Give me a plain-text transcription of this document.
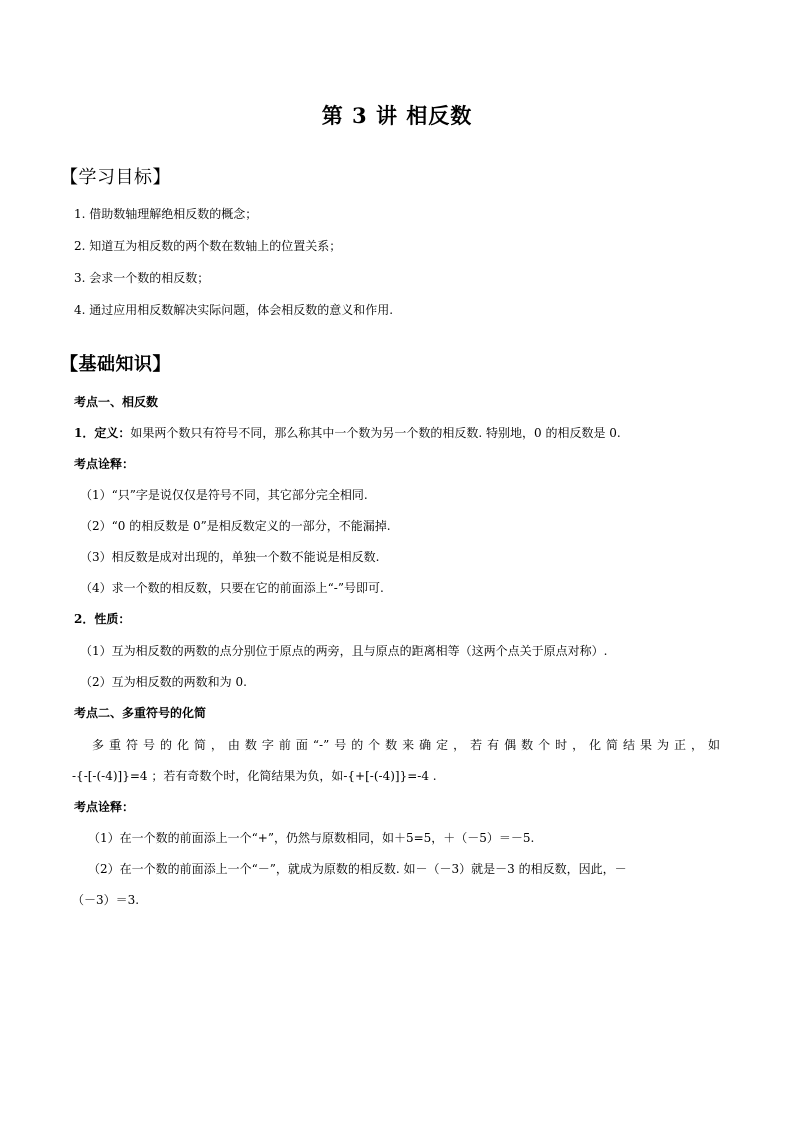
第 3 讲 相反数
【学习目标】
1. 借助数轴理解绝相反数的概念；
2. 知道互为相反数的两个数在数轴上的位置关系；
3. 会求一个数的相反数；
4. 通过应用相反数解决实际问题，体会相反数的意义和作用.
【基础知识】
考点一、相反数
1．定义：如果两个数只有符号不同，那么称其中一个数为另一个数的相反数. 特别地，0 的相反数是 0.
考点诠释：
（1）“只”字是说仅仅是符号不同，其它部分完全相同.
（2）“0 的相反数是 0”是相反数定义的一部分，不能漏掉.
（3）相反数是成对出现的，单独一个数不能说是相反数.
（4）求一个数的相反数，只要在它的前面添上“-”号即可.
2．性质：
（1）互为相反数的两数的点分别位于原点的两旁，且与原点的距离相等（这两个点关于原点对称）.
（2）互为相反数的两数和为 0.
考点二、多重符号的化简
多重符号的化简，由数字前面“-”号的个数来确定，若有偶数个时，化简结果为正，如
-{-[-(-4)]}=4 ；若有奇数个时，化简结果为负，如-{+[-(-4)]}=-4 .
考点诠释：
（1）在一个数的前面添上一个“+”，仍然与原数相同，如＋5=5，＋（－5）＝－5.
（2）在一个数的前面添上一个“－”，就成为原数的相反数. 如－（－3）就是－3 的相反数，因此，－
（－3）＝3.
